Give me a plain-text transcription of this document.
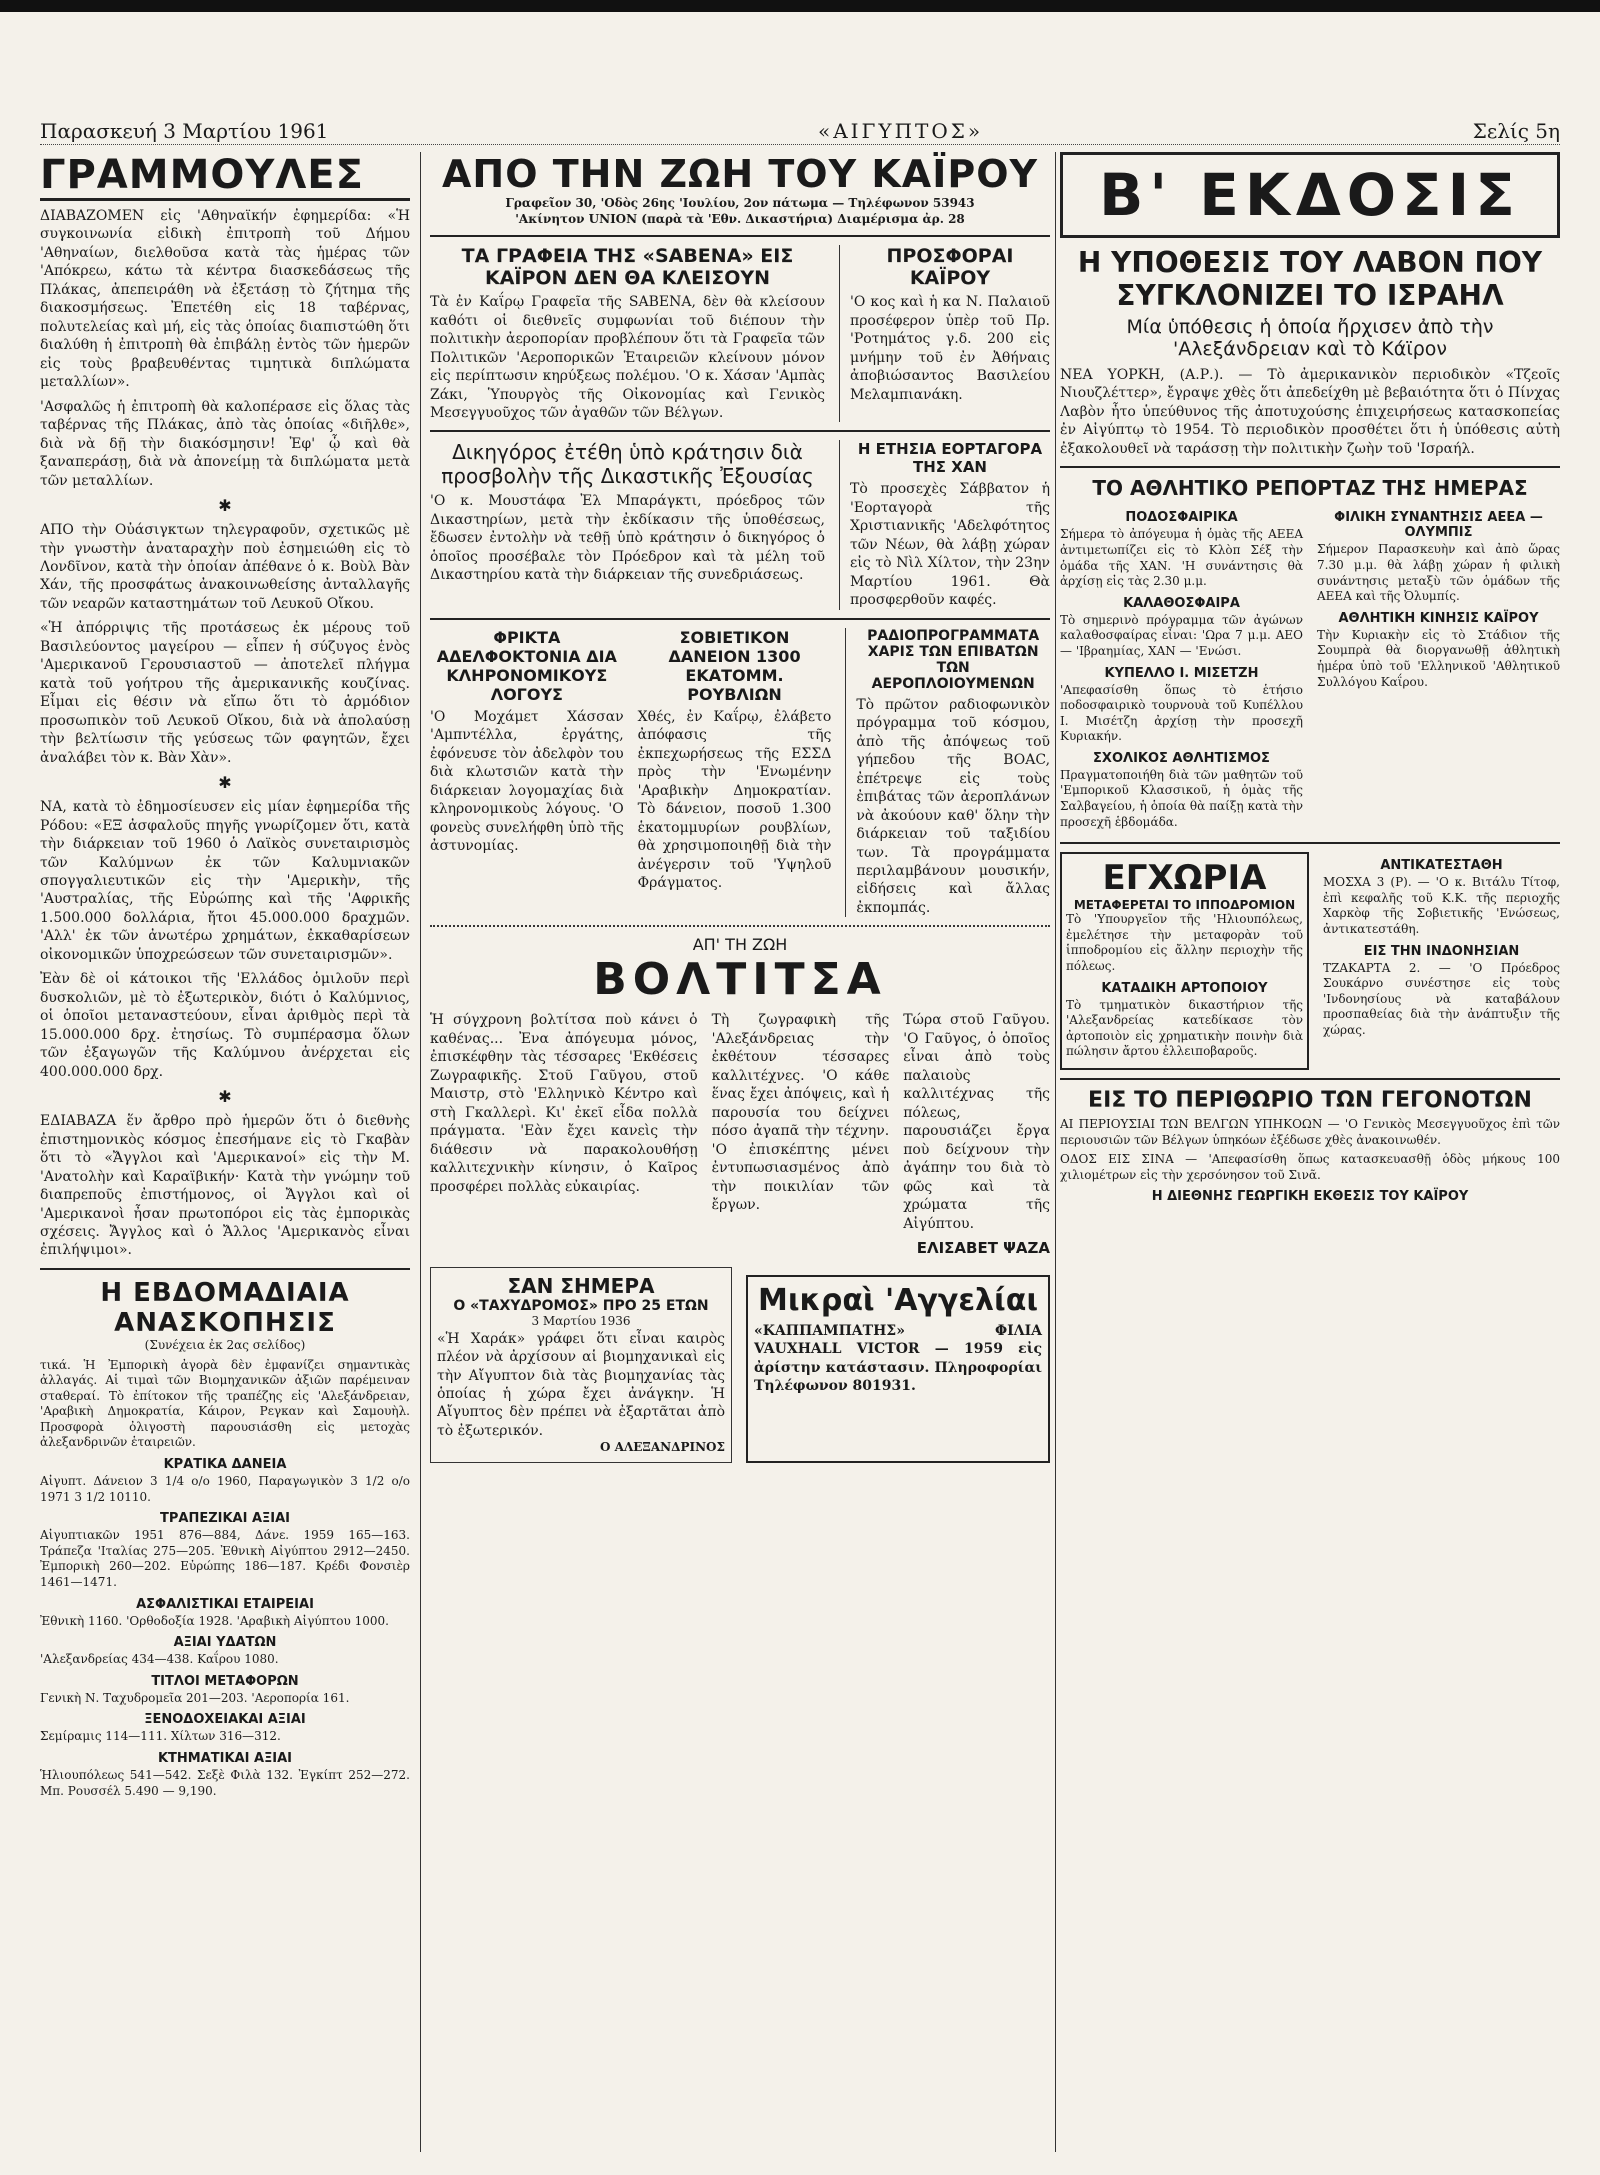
Παρασκευή 3 Μαρτίου 1961	«ΑΙΓΥΠΤΟΣ»	Σελίς 5η
ΓΡΑΜΜΟΥΛΕΣ

ΔΙΑΒΑΖΟΜΕΝ εἰς 'Αθηναϊκήν ἐφημερίδα: «Ἡ συγκοινωνία εἰδικὴ ἐπιτροπὴ τοῦ Δήμου 'Αθηναίων, διελθοῦσα κατὰ τὰς ἡμέρας τῶν 'Απόκρεω, κάτω τὰ κέντρα διασκεδάσεως τῆς Πλάκας, ἀπεπειράθη νὰ ἐξετάσῃ τὸ ζήτημα τῆς διακοσμήσεως. Ἐπετέθη εἰς 18 ταβέρνας, πολυτελείας καὶ μή, εἰς τὰς ὁποίας διαπιστώθη ὅτι διαλύθη ἡ ἐπιτροπὴ θὰ ἐπιβάλῃ ἐντὸς τῶν ἡμερῶν εἰς τοὺς βραβευθέντας τιμητικὰ διπλώματα μεταλλίων».

'Ασφαλῶς ἡ ἐπιτροπὴ θὰ καλοπέρασε εἰς ὅλας τὰς ταβέρνας τῆς Πλάκας, ἀπὸ τὰς ὁποίας «διῆλθε», διὰ νὰ δῇ τὴν διακόσμησιν! Ἐφ' ᾧ καὶ θὰ ξαναπεράσῃ, διὰ νὰ ἀπονείμῃ τὰ διπλώματα μετὰ τῶν μεταλλίων.

✱

ΑΠΟ τὴν Οὐάσιγκτων τηλεγραφοῦν, σχετικῶς μὲ τὴν γνωστὴν ἀναταραχὴν ποὺ ἐσημειώθη εἰς τὸ Λονδῖνον, κατὰ τὴν ὁποίαν ἀπέθανε ὁ κ. Βοὺλ Βὰν Χάν, τῆς προσφάτως ἀνακοινωθείσης ἀνταλλαγῆς τῶν νεαρῶν καταστημάτων τοῦ Λευκοῦ Οἴκου.

«Ἡ ἀπόρριψις τῆς προτάσεως ἐκ μέρους τοῦ Βασιλεύοντος μαγείρου — εἶπεν ἡ σύζυγος ἑνὸς 'Αμερικανοῦ Γερουσιαστοῦ — ἀποτελεῖ πλήγμα κατὰ τοῦ γοήτρου τῆς ἀμερικανικῆς κουζίνας. Εἶμαι εἰς θέσιν νὰ εἴπω ὅτι τὸ ἁρμόδιον προσωπικὸν τοῦ Λευκοῦ Οἴκου, διὰ νὰ ἀπολαύσῃ τὴν βελτίωσιν τῆς γεύσεως τῶν φαγητῶν, ἔχει ἀναλάβει τὸν κ. Βὰν Χὰν».

✱

ΝΑ, κατὰ τὸ ἐδημοσίευσεν εἰς μίαν ἐφημερίδα τῆς Ρόδου: «ΕΞ ἀσφαλοῦς πηγῆς γνωρίζομεν ὅτι, κατὰ τὴν διάρκειαν τοῦ 1960 ὁ Λαϊκὸς συνεταιρισμὸς τῶν Καλύμνων ἐκ τῶν Καλυμνιακῶν σπογγαλιευτικῶν εἰς τὴν 'Αμερικὴν, τῆς 'Αυστραλίας, τῆς Εὐρώπης καὶ τῆς 'Αφρικῆς 1.500.000 δολλάρια, ἤτοι 45.000.000 δραχμῶν. 'Αλλ' ἐκ τῶν ἀνωτέρω χρημάτων, ἐκκαθαρίσεων οἰκονομικῶν ὑποχρεώσεων τῶν συνεταιρισμῶν».

Ἐὰν δὲ οἱ κάτοικοι τῆς 'Ελλάδος ὁμιλοῦν περὶ δυσκολιῶν, μὲ τὸ ἐξωτερικὸν, διότι ὁ Καλύμνιος, οἱ ὁποῖοι μεταναστεύουν, εἶναι ἀριθμὸς περὶ τὰ 15.000.000 δρχ. ἐτησίως. Τὸ συμπέρασμα ὅλων τῶν ἐξαγωγῶν τῆς Καλύμνου ἀνέρχεται εἰς 400.000.000 δρχ.

✱

ΕΔΙΑΒΑΖΑ ἕν ἄρθρο πρὸ ἡμερῶν ὅτι ὁ διεθνὴς ἐπιστημονικὸς κόσμος ἐπεσήμανε εἰς τὸ Γκαβὰν ὅτι τὸ «Ἄγγλοι καὶ 'Αμερικανοί» εἰς τὴν Μ. 'Ανατολὴν καὶ Καραϊβικήν· Κατὰ τὴν γνώμην τοῦ διαπρεποῦς ἐπιστήμονος, οἱ Ἄγγλοι καὶ οἱ 'Αμερικανοὶ ἦσαν πρωτοπόροι εἰς τὰς ἐμπορικὰς σχέσεις. Ἄγγλος καὶ ὁ Ἄλλος 'Αμερικανὸς εἶναι ἐπιλήψιμοι».

Η ΕΒΔΟΜΑΔΙΑΙΑ ΑΝΑΣΚΟΠΗΣΙΣ

(Συνέχεια ἐκ 2ας σελίδος)

τικά. Ἡ Ἐμπορικὴ ἀγορὰ δὲν ἐμφανίζει σημαντικὰς ἀλλαγάς. Αἱ τιμαὶ τῶν Βιομηχανικῶν ἀξιῶν παρέμειναν σταθεραί. Τὸ ἐπίτοκον τῆς τραπέζης εἰς 'Αλεξάνδρειαν, 'Αραβικὴ Δημοκρατία, Κάιρον, Ρεγκαν καὶ Σαμουὴλ. Προσφορὰ ὀλιγοστὴ παρουσιάσθη εἰς μετοχὰς ἀλεξανδρινῶν ἑταιρειῶν.

ΚΡΑΤΙΚΑ ΔΑΝΕΙΑ

Αἰγυπτ. Δάνειον 3 1/4 ο/ο 1960, Παραγωγικὸν 3 1/2 ο/ο 1971 3 1/2 10110.

ΤΡΑΠΕΖΙΚΑΙ ΑΞΙΑΙ

Αἰγυπτιακῶν 1951 876—884, Δάνε. 1959 165—163. Τράπεζα 'Ιταλίας 275—205. Ἐθνικὴ Αἰγύπτου 2912—2450. Ἐμπορικὴ 260—202. Εὐρώπης 186—187. Κρέδι Φονσιὲρ 1461—1471.

ΑΣΦΑΛΙΣΤΙΚΑΙ ΕΤΑΙΡΕΙΑΙ

Ἐθνικὴ 1160. 'Ορθοδοξία 1928. 'Αραβικὴ Αἰγύπτου 1000.

ΑΞΙΑΙ ΥΔΑΤΩΝ

'Αλεξανδρείας 434—438. Καΐρου 1080.

ΤΙΤΛΟΙ ΜΕΤΑΦΟΡΩΝ

Γενικὴ Ν. Ταχυδρομεῖα 201—203. 'Αεροπορία 161.

ΞΕΝΟΔΟΧΕΙΑΚΑΙ ΑΞΙΑΙ

Σεμίραμις 114—111. Χίλτων 316—312.

ΚΤΗΜΑΤΙΚΑΙ ΑΞΙΑΙ

Ἡλιουπόλεως 541—542. Σεξὲ Φιλὰ 132. Ἐγκίπτ 252—272. Μπ. Ρουσσέλ 5.490 — 9,190.

ΑΠΟ ΤΗΝ ΖΩΗ ΤΟΥ ΚΑΪΡΟΥ

Γραφεῖον 30, 'Οδὸς 26ης 'Ιουλίου, 2ον πάτωμα — Τηλέφωνον 53943

'Ακίνητον UNION (παρὰ τὰ 'Εθν. Δικαστήρια) Διαμέρισμα ἀρ. 28

ΤΑ ΓΡΑΦΕΙΑ ΤΗΣ «SABENA» ΕΙΣ ΚΑΪΡΟΝ ΔΕΝ ΘΑ ΚΛΕΙΣΟΥΝ

Τὰ ἐν Καΐρῳ Γραφεῖα τῆς SABENA, δὲν θὰ κλείσουν καθότι οἱ διεθνεῖς συμφωνίαι τοῦ διέπουν τὴν πολιτικὴν ἀεροπορίαν προβλέπουν ὅτι τὰ Γραφεῖα τῶν Πολιτικῶν 'Αεροπορικῶν Ἑταιρειῶν κλείνουν μόνον εἰς περίπτωσιν κηρύξεως πολέμου. 'Ο κ. Χάσαν 'Αμπὰς Ζάκι, Ὑπουργὸς τῆς Οἰκονομίας καὶ Γενικὸς Μεσεγγυοῦχος τῶν ἀγαθῶν τῶν Βέλγων.

ΠΡΟΣΦΟΡΑΙ ΚΑΪΡΟΥ

'Ο κος καὶ ἡ κα Ν. Παλαιοῦ προσέφερον ὑπὲρ τοῦ Πρ. 'Ροτημάτος γ.δ. 200 εἰς μνήμην τοῦ ἐν Ἀθήναις ἀποβιώσαντος Βασιλείου Μελαμπιανάκη.

Δικηγόρος ἐτέθη ὑπὸ κράτησιν διὰ προσβολὴν τῆς Δικαστικῆς Ἐξουσίας

'Ο κ. Μουστάφα Ἐλ Μπαράγκτι, πρόεδρος τῶν Δικαστηρίων, μετὰ τὴν ἐκδίκασιν τῆς ὑποθέσεως, ἔδωσεν ἐντολὴν νὰ τεθῇ ὑπὸ κράτησιν ὁ δικηγόρος ὁ ὁποῖος προσέβαλε τὸν Πρόεδρον καὶ τὰ μέλη τοῦ Δικαστηρίου κατὰ τὴν διάρκειαν τῆς συνεδριάσεως.

Η ΕΤΗΣΙΑ ΕΟΡΤΑΓΟΡΑ ΤΗΣ ΧΑΝ

Τὸ προσεχὲς Σάββατον ἡ 'Εορταγορὰ τῆς Χριστιανικῆς 'Αδελφότητος τῶν Νέων, θὰ λάβῃ χώραν εἰς τὸ Νὶλ Χίλτον, τὴν 23ην Μαρτίου 1961. Θὰ προσφερθοῦν καφές.

ΦΡΙΚΤΑ ΑΔΕΛΦΟΚΤΟΝΙΑ ΔΙΑ ΚΛΗΡΟΝΟΜΙΚΟΥΣ ΛΟΓΟΥΣ

'Ο Μοχάμετ Χάσσαν 'Αμπντέλλα, ἐργάτης, ἐφόνευσε τὸν ἀδελφὸν του διὰ κλωτσιῶν κατὰ τὴν διάρκειαν λογομαχίας διὰ κληρονομικοὺς λόγους. 'Ο φονεὺς συνελήφθη ὑπὸ τῆς ἀστυνομίας.

ΣΟΒΙΕΤΙΚΟΝ ΔΑΝΕΙΟΝ 1300 ΕΚΑΤΟΜΜ. ΡΟΥΒΛΙΩΝ

Χθές, ἐν Καΐρῳ, ἐλάβετο ἀπόφασις τῆς ἐκπεχωρήσεως τῆς ΕΣΣΔ πρὸς τὴν 'Ενωμένην 'Αραβικὴν Δημοκρατίαν. Τὸ δάνειον, ποσοῦ 1.300 ἑκατομμυρίων ρουβλίων, θὰ χρησιμοποιηθῇ διὰ τὴν ἀνέγερσιν τοῦ 'Υψηλοῦ Φράγματος.

ΡΑΔΙΟΠΡΟΓΡΑΜΜΑΤΑ ΧΑΡΙΣ ΤΩΝ ΕΠΙΒΑΤΩΝ ΤΩΝ ΑΕΡΟΠΛΟΙΟΥΜΕΝΩΝ

Τὸ πρῶτον ραδιοφωνικὸν πρόγραμμα τοῦ κόσμου, ἀπὸ τῆς ἀπόψεως τοῦ γήπεδου τῆς BOAC, ἐπέτρεψε εἰς τοὺς ἐπιβάτας τῶν ἀεροπλάνων νὰ ἀκούουν καθ' ὅλην τὴν διάρκειαν τοῦ ταξιδίου των. Τὰ προγράμματα περιλαμβάνουν μουσικήν, εἰδήσεις καὶ ἄλλας ἐκπομπάς.

ΑΠ' ΤΗ ΖΩΗ
ΒΟΛΤΙΤΣΑ

Ἡ σύγχρονη βολτίτσα ποὺ κάνει ὁ καθένας... Ἐνα ἀπόγευμα μόνος, ἐπισκέφθην τὰς τέσσαρες 'Εκθέσεις Ζωγραφικῆς. Στοῦ Γαῦγου, στοῦ Μαιστρ, στὸ 'Ελληνικὸ Κέντρο καὶ στὴ Γκαλλερὶ. Κι' ἐκεῖ εἶδα πολλὰ πράγματα. 'Εὰν ἔχει κανεὶς τὴν διάθεσιν νὰ παρακολουθήσῃ καλλιτεχνικὴν κίνησιν, ὁ Καῖρος προσφέρει πολλὰς εὐκαιρίας.

Τὴ ζωγραφικὴ τῆς 'Αλεξάνδρειας τὴν ἐκθέτουν τέσσαρες καλλιτέχνες. 'Ο κάθε ἕνας ἔχει ἀπόψεις, καὶ ἡ παρουσία του δείχνει πόσο ἀγαπᾶ τὴν τέχνην. 'Ο ἐπισκέπτης μένει ἐντυπωσιασμένος ἀπὸ τὴν ποικιλίαν τῶν ἔργων.

Τώρα στοῦ Γαῦγου. 'Ο Γαῦγος, ὁ ὁποῖος εἶναι ἀπὸ τοὺς παλαιοὺς καλλιτέχνας τῆς πόλεως, παρουσιάζει ἔργα ποὺ δείχνουν τὴν ἀγάπην του διὰ τὸ φῶς καὶ τὰ χρώματα τῆς Αἰγύπτου.

ΕΛΙΣΑΒΕΤ ΨΑΖΑ

ΣΑΝ ΣΗΜΕΡΑ
Ο «ΤΑΧΥΔΡΟΜΟΣ» ΠΡΟ 25 ΕΤΩΝ

3 Μαρτίου 1936

«Ἡ Χαράκ» γράφει ὅτι εἶναι καιρὸς πλέον νὰ ἀρχίσουν αἱ βιομηχανικαὶ εἰς τὴν Αἴγυπτον διὰ τὰς βιομηχανίας τὰς ὁποίας ἡ χώρα ἔχει ἀνάγκην. Ἡ Αἴγυπτος δὲν πρέπει νὰ ἐξαρτᾶται ἀπὸ τὸ ἐξωτερικόν.

Ο ΑΛΕΞΑΝΔΡΙΝΟΣ

Μικραὶ 'Αγγελίαι

«ΚΑΠΠΑΜΠΑΤΗΣ» ΦΙΛΙΑ VAUXHALL VICTOR — 1959 εἰς ἀρίστην κατάστασιν. Πληροφορίαι Τηλέφωνον 801931.

Β' ΕΚΔΟΣΙΣ
Η ΥΠΟΘΕΣΙΣ ΤΟΥ ΛΑΒΟΝ ΠΟΥ ΣΥΓΚΛΟΝΙΖΕΙ ΤΟ ΙΣΡΑΗΛ
Μία ὑπόθεσις ἡ ὁποία ἤρχισεν ἀπὸ τὴν 'Αλεξάνδρειαν καὶ τὸ Κάϊρον

ΝΕΑ ΥΟΡΚΗ, (Α.Ρ.). — Τὸ ἀμερικανικὸν περιοδικὸν «Τζεοῖς Νιουζλέττερ», ἔγραψε χθὲς ὅτι ἀπεδείχθη μὲ βεβαιότητα ὅτι ὁ Πίνχας Λαβὸν ἦτο ὑπεύθυνος τῆς ἀποτυχούσης ἐπιχειρήσεως κατασκοπείας ἐν Αἰγύπτῳ τὸ 1954. Τὸ περιοδικὸν προσθέτει ὅτι ἡ ὑπόθεσις αὐτὴ ἐξακολουθεῖ νὰ ταράσσῃ τὴν πολιτικὴν ζωὴν τοῦ 'Ισραήλ.

ΤΟ ΑΘΛΗΤΙΚΟ ΡΕΠΟΡΤΑΖ ΤΗΣ ΗΜΕΡΑΣ
ΠΟΔΟΣΦΑΙΡΙΚΑ

Σήμερα τὸ ἀπόγευμα ἡ ὁμὰς τῆς ΑΕΕΑ ἀντιμετωπίζει εἰς τὸ Κλὸπ Σέξ τὴν ὁμάδα τῆς ΧΑΝ. 'Η συνάντησις θὰ ἀρχίσῃ εἰς τὰς 2.30 μ.μ.

ΚΑΛΑΘΟΣΦΑΙΡΑ

Τὸ σημερινὸ πρόγραμμα τῶν ἀγώνων καλαθοσφαίρας εἶναι: 'Ωρα 7 μ.μ. ΑΕΟ — 'Ιβραημίας, ΧΑΝ — 'Ενώσι.

ΚΥΠΕΛΛΟ Ι. ΜΙΣΕΤΖΗ

'Απεφασίσθη ὅπως τὸ ἑτήσιο ποδοσφαιρικὸ τουρνουὰ τοῦ Κυπέλλου Ι. Μισέτζη ἀρχίσῃ τὴν προσεχῆ Κυριακήν.

ΣΧΟΛΙΚΟΣ ΑΘΛΗΤΙΣΜΟΣ

Πραγματοποιήθη διὰ τῶν μαθητῶν τοῦ 'Εμπορικοῦ Κλασσικοῦ, ἡ ὁμὰς τῆς Σαλβαγείου, ἡ ὁποία θὰ παίξῃ κατὰ τὴν προσεχῆ ἑβδομάδα.

ΦΙΛΙΚΗ ΣΥΝΑΝΤΗΣΙΣ ΑΕΕΑ — ΟΛΥΜΠΙΣ

Σήμερον Παρασκευὴν καὶ ἀπὸ ὥρας 7.30 μ.μ. θὰ λάβῃ χώραν ἡ φιλικὴ συνάντησις μεταξὺ τῶν ὁμάδων τῆς ΑΕΕΑ καὶ τῆς Ὀλυμπίς.

ΑΘΛΗΤΙΚΗ ΚΙΝΗΣΙΣ ΚΑΪΡΟΥ

Τὴν Κυριακὴν εἰς τὸ Στάδιον τῆς Σουμπρὰ θὰ διοργανωθῇ ἀθλητικὴ ἡμέρα ὑπὸ τοῦ 'Ελληνικοῦ 'Αθλητικοῦ Συλλόγου Καΐρου.

ΕΓΧΩΡΙΑ
ΜΕΤΑΦΕΡΕΤΑΙ ΤΟ ΙΠΠΟΔΡΟΜΙΟΝ

Τὸ 'Υπουργεῖον τῆς 'Ηλιουπόλεως, ἐμελέτησε τὴν μεταφορὰν τοῦ ἱπποδρομίου εἰς ἄλλην περιοχὴν τῆς πόλεως.

ΚΑΤΑΔΙΚΗ ΑΡΤΟΠΟΙΟΥ

Τὸ τμηματικὸν δικαστήριον τῆς 'Αλεξανδρείας κατεδίκασε τὸν ἀρτοποιὸν εἰς χρηματικὴν ποινὴν διὰ πώλησιν ἄρτου ἐλλειποβαροῦς.

ΑΝΤΙΚΑΤΕΣΤΑΘΗ

ΜΟΣΧΑ 3 (Ρ). — 'Ο κ. Βιτάλυ Τίτοφ, ἐπὶ κεφαλῆς τοῦ Κ.Κ. τῆς περιοχῆς Χαρκὸφ τῆς Σοβιετικῆς 'Ενώσεως, ἀντικατεστάθη.

ΕΙΣ ΤΗΝ ΙΝΔΟΝΗΣΙΑΝ

ΤΖΑΚΑΡΤΑ 2. — 'Ο Πρόεδρος Σουκάρνο συνέστησε εἰς τοὺς 'Ινδονησίους νὰ καταβάλουν προσπαθείας διὰ τὴν ἀνάπτυξιν τῆς χώρας.

ΕΙΣ ΤΟ ΠΕΡΙΘΩΡΙΟ ΤΩΝ ΓΕΓΟΝΟΤΩΝ

ΑΙ ΠΕΡΙΟΥΣΙΑΙ ΤΩΝ ΒΕΛΓΩΝ ΥΠΗΚΟΩΝ — 'Ο Γενικὸς Μεσεγγυοῦχος ἐπὶ τῶν περιουσιῶν τῶν Βέλγων ὑπηκόων ἐξέδωσε χθὲς ἀνακοινωθέν.

ΟΔΟΣ ΕΙΣ ΣΙΝΑ — 'Απεφασίσθη ὅπως κατασκευασθῇ ὁδὸς μήκους 100 χιλιομέτρων εἰς τὴν χερσόνησον τοῦ Σινᾶ.

Η ΔΙΕΘΝΗΣ ΓΕΩΡΓΙΚΗ ΕΚΘΕΣΙΣ ΤΟΥ ΚΑΪΡΟΥ
